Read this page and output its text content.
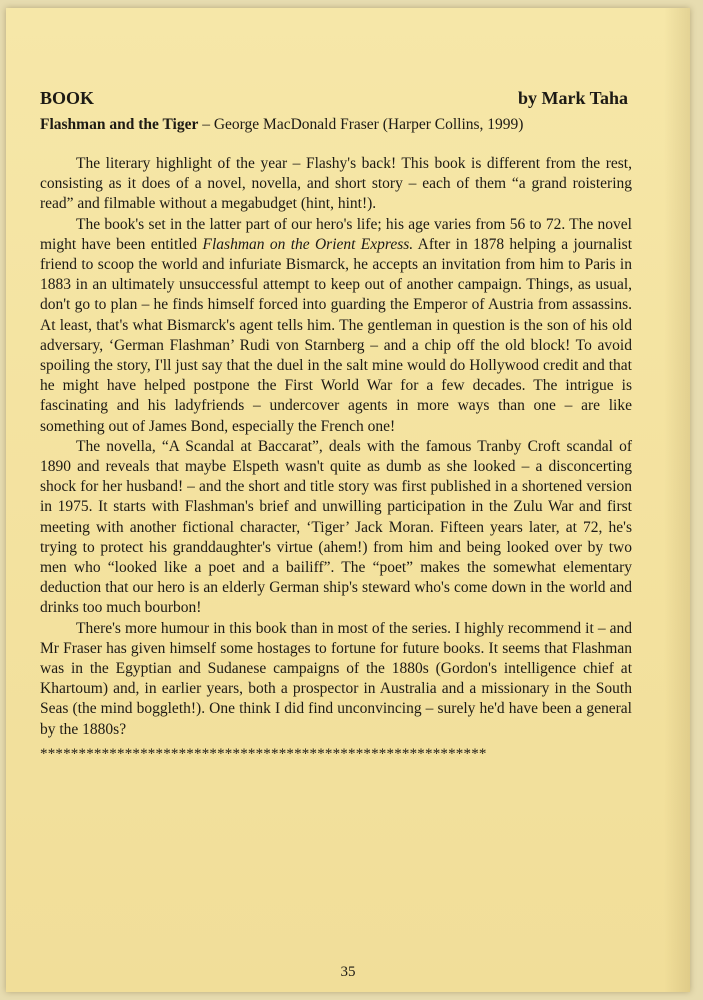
BOOK	by Mark Taha
Flashman and the Tiger – George MacDonald Fraser (Harper Collins, 1999)

The literary highlight of the year – Flashy's back! This book is different from the rest, consisting as it does of a novel, novella, and short story – each of them “a grand roistering read” and filmable without a megabudget (hint, hint!).

The book's set in the latter part of our hero's life; his age varies from 56 to 72. The novel might have been entitled Flashman on the Orient Express. After in 1878 helping a journalist friend to scoop the world and infuriate Bismarck, he accepts an invitation from him to Paris in 1883 in an ultimately unsuccessful attempt to keep out of another campaign. Things, as usual, don't go to plan – he finds himself forced into guarding the Emperor of Austria from assassins. At least, that's what Bismarck's agent tells him. The gentleman in question is the son of his old adversary, ‘German Flashman’ Rudi von Starnberg – and a chip off the old block! To avoid spoiling the story, I'll just say that the duel in the salt mine would do Hollywood credit and that he might have helped postpone the First World War for a few decades. The intrigue is fascinating and his ladyfriends – undercover agents in more ways than one – are like something out of James Bond, especially the French one!

The novella, “A Scandal at Baccarat”, deals with the famous Tranby Croft scandal of 1890 and reveals that maybe Elspeth wasn't quite as dumb as she looked – a disconcerting shock for her husband! – and the short and title story was first published in a shortened version in 1975. It starts with Flashman's brief and unwilling participation in the Zulu War and first meeting with another fictional character, ‘Tiger’ Jack Moran. Fifteen years later, at 72, he's trying to protect his granddaughter's virtue (ahem!) from him and being looked over by two men who “looked like a poet and a bailiff”. The “poet” makes the somewhat elementary deduction that our hero is an elderly German ship's steward who's come down in the world and drinks too much bourbon!

There's more humour in this book than in most of the series. I highly recommend it – and Mr Fraser has given himself some hostages to fortune for future books. It seems that Flashman was in the Egyptian and Sudanese campaigns of the 1880s (Gordon's intelligence chief at Khartoum) and, in earlier years, both a prospector in Australia and a missionary in the South Seas (the mind boggleth!). One think I did find unconvincing – surely he'd have been a general by the 1880s?

**********************************************************
35
